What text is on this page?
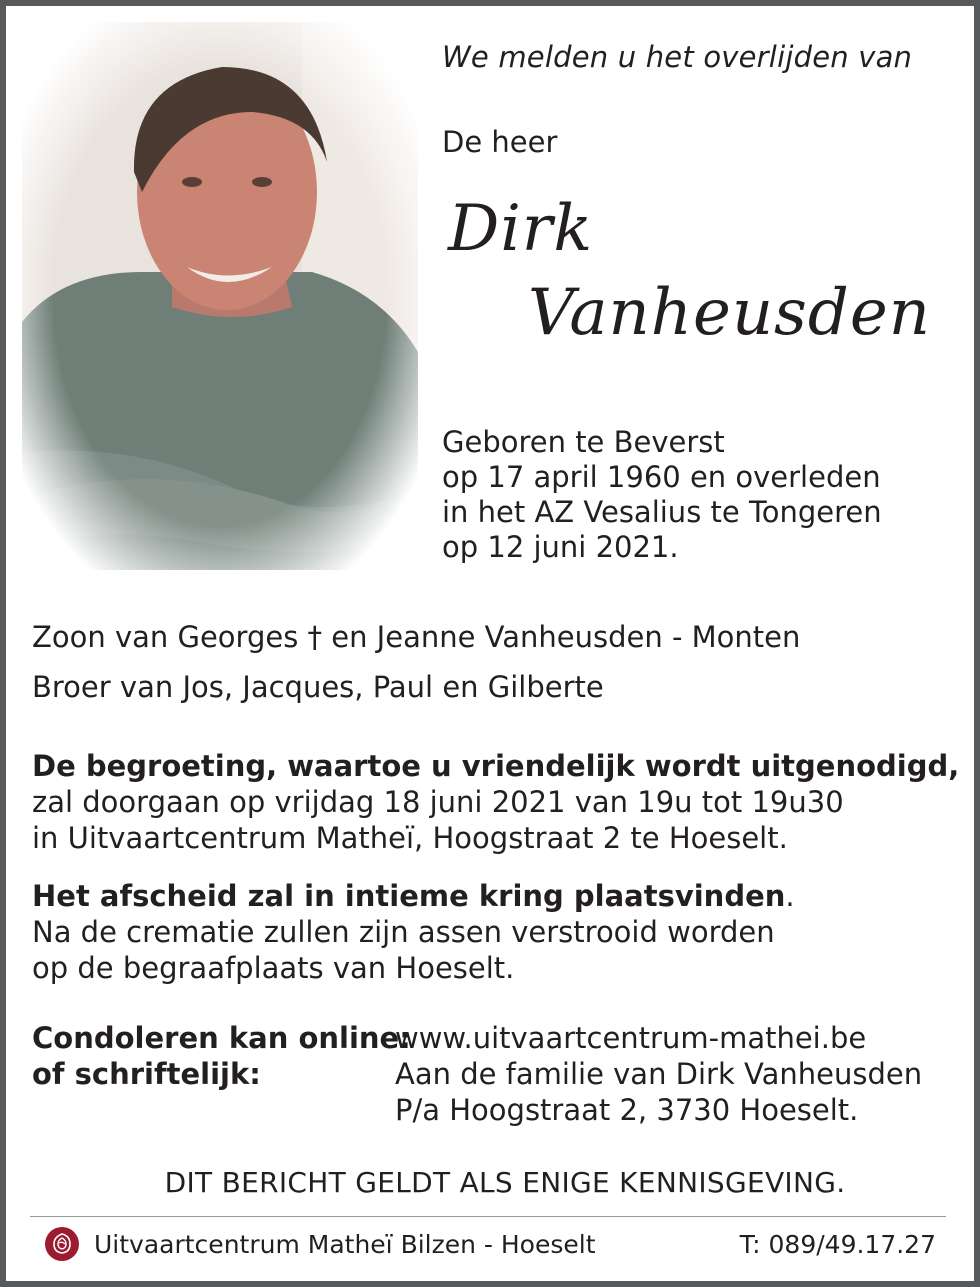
We melden u het overlijden van
De heer
Dirk
Vanheusden
Geboren te Beverst
op 17 april 1960 en overleden
in het AZ Vesalius te Tongeren
op 12 juni 2021.
Zoon van Georges † en Jeanne Vanheusden - Monten
Broer van Jos, Jacques, Paul en Gilberte
De begroeting, waartoe u vriendelijk wordt uitgenodigd,
zal doorgaan op vrijdag 18 juni 2021 van 19u tot 19u30
in Uitvaartcentrum Matheï, Hoogstraat 2 te Hoeselt.
Het afscheid zal in intieme kring plaatsvinden.
Na de crematie zullen zijn assen verstrooid worden
op de begraafplaats van Hoeselt.
Condoleren kan online:
www.uitvaartcentrum-mathei.be
of schriftelijk:	Aan de familie van Dirk Vanheusden
P/a Hoogstraat 2, 3730 Hoeselt.
DIT BERICHT GELDT ALS ENIGE KENNISGEVING.
Uitvaartcentrum Matheï Bilzen - Hoeselt	T: 089/49.17.27
